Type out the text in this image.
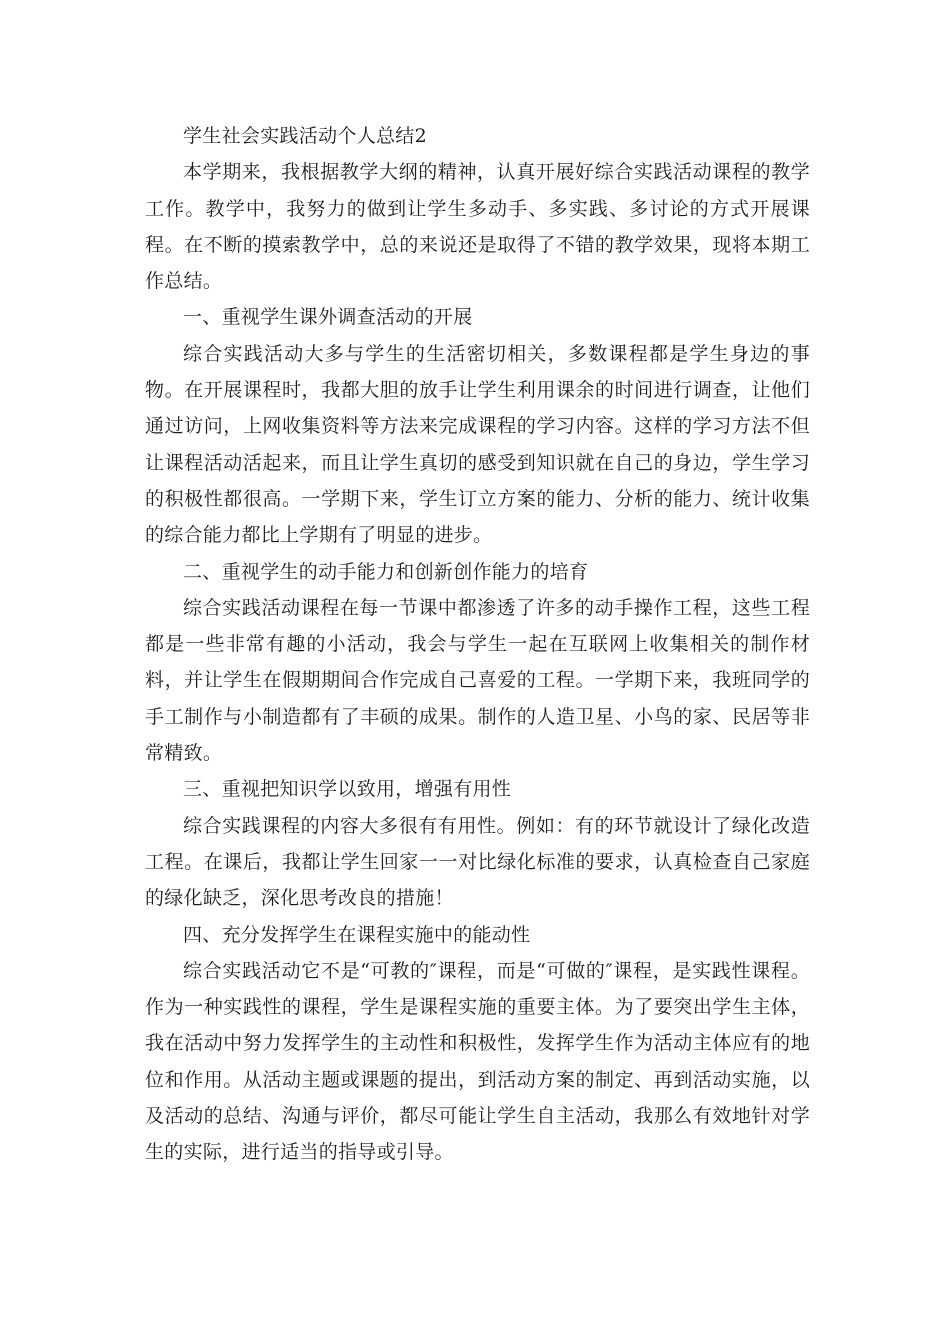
学生社会实践活动个人总结2

本学期来，我根据教学大纲的精神，认真开展好综合实践活动课程的教学工作。教学中，我努力的做到让学生多动手、多实践、多讨论的方式开展课程。在不断的摸索教学中，总的来说还是取得了不错的教学效果，现将本期工作总结。

一、重视学生课外调查活动的开展

综合实践活动大多与学生的生活密切相关，多数课程都是学生身边的事物。在开展课程时，我都大胆的放手让学生利用课余的时间进行调查，让他们通过访问，上网收集资料等方法来完成课程的学习内容。这样的学习方法不但让课程活动活起来，而且让学生真切的感受到知识就在自己的身边，学生学习的积极性都很高。一学期下来，学生订立方案的能力、分析的能力、统计收集的综合能力都比上学期有了明显的进步。

二、重视学生的动手能力和创新创作能力的培育

综合实践活动课程在每一节课中都渗透了许多的动手操作工程，这些工程都是一些非常有趣的小活动，我会与学生一起在互联网上收集相关的制作材料，并让学生在假期期间合作完成自己喜爱的工程。一学期下来，我班同学的手工制作与小制造都有了丰硕的成果。制作的人造卫星、小鸟的家、民居等非常精致。

三、重视把知识学以致用，增强有用性

综合实践课程的内容大多很有有用性。例如：有的环节就设计了绿化改造工程。在课后，我都让学生回家一一对比绿化标准的要求，认真检查自己家庭的绿化缺乏，深化思考改良的措施！

四、充分发挥学生在课程实施中的能动性

综合实践活动它不是“可教的″课程，而是“可做的″课程，是实践性课程。作为一种实践性的课程，学生是课程实施的重要主体。为了要突出学生主体，我在活动中努力发挥学生的主动性和积极性，发挥学生作为活动主体应有的地位和作用。从活动主题或课题的提出，到活动方案的制定、再到活动实施，以及活动的总结、沟通与评价，都尽可能让学生自主活动，我那么有效地针对学生的实际，进行适当的指导或引导。
